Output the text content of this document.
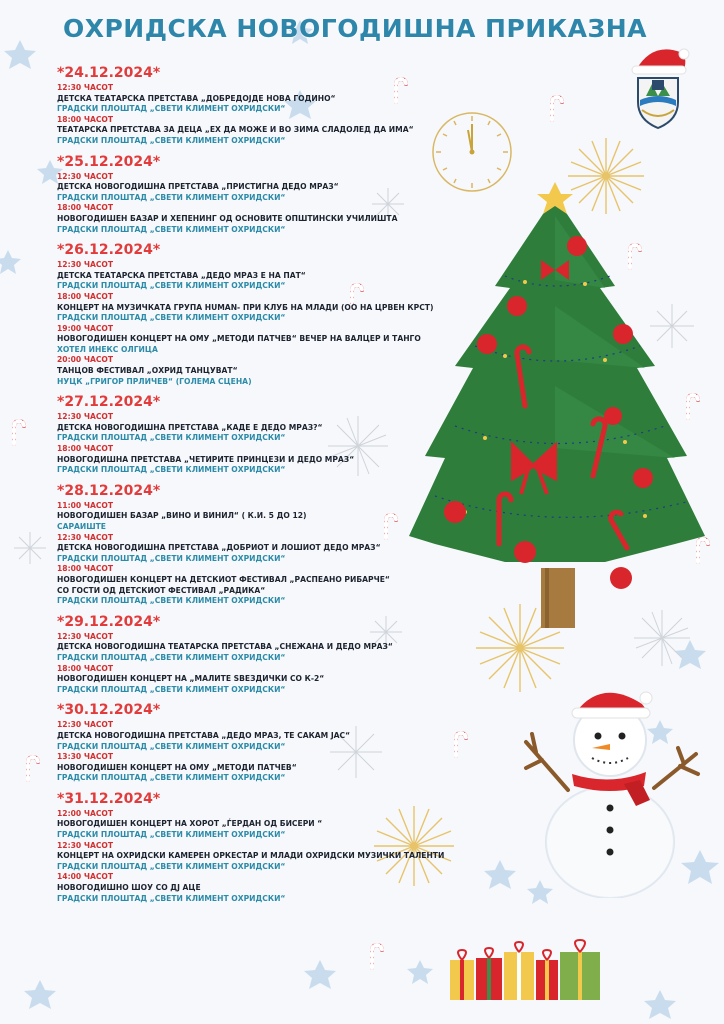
ОХРИДСКА НОВОГОДИШНА ПРИКАЗНА
*24.12.2024*
12:30 ЧАСОТ
ДЕТСКА ТЕАТАРСКА ПРЕТСТАВА „ДОБРЕДОЈДЕ НОВА ГОДИНО“
ГРАДСКИ ПЛОШТАД „СВЕТИ КЛИМЕНТ ОХРИДСКИ“
18:00 ЧАСОТ
ТЕАТАРСКА ПРЕТСТАВА ЗА ДЕЦА „ЕХ ДА МОЖЕ И ВО ЗИМА СЛАДОЛЕД ДА ИМА“
ГРАДСКИ ПЛОШТАД „СВЕТИ КЛИМЕНТ ОХРИДСКИ“
*25.12.2024*
12:30 ЧАСОТ
ДЕТСКА НОВОГОДИШНА ПРЕТСТАВА „ПРИСТИГНА ДЕДО МРАЗ“
ГРАДСКИ ПЛОШТАД „СВЕТИ КЛИМЕНТ ОХРИДСКИ“
18:00 ЧАСОТ
НОВОГОДИШЕН БАЗАР И ХЕПЕНИНГ ОД ОСНОВИТЕ ОПШТИНСКИ УЧИЛИШТА
ГРАДСКИ ПЛОШТАД „СВЕТИ КЛИМЕНТ ОХРИДСКИ“
*26.12.2024*
12:30 ЧАСОТ
ДЕТСКА ТЕАТАРСКА ПРЕТСТАВА „ДЕДО МРАЗ Е НА ПАТ“
ГРАДСКИ ПЛОШТАД „СВЕТИ КЛИМЕНТ ОХРИДСКИ“
18:00 ЧАСОТ
КОНЦЕРТ НА МУЗИЧКАТА ГРУПА HUMAN- ПРИ КЛУБ НА МЛАДИ (ОО НА ЦРВЕН КРСТ)
ГРАДСКИ ПЛОШТАД „СВЕТИ КЛИМЕНТ ОХРИДСКИ“
19:00 ЧАСОТ
НОВОГОДИШЕН КОНЦЕРТ НА ОМУ „МЕТОДИ ПАТЧЕВ“ ВЕЧЕР НА ВАЛЦЕР И ТАНГО
ХОТЕЛ ИНЕКС ОЛГИЦА
20:00 ЧАСОТ
ТАНЦОВ ФЕСТИВАЛ „ОХРИД ТАНЦУВАТ“
НУЦК „ГРИГОР ПРЛИЧЕВ“ (ГОЛЕМА СЦЕНА)
*27.12.2024*
12:30 ЧАСОТ
ДЕТСКА НОВОГОДИШНА ПРЕТСТАВА „КАДЕ Е ДЕДО МРАЗ?“
ГРАДСКИ ПЛОШТАД „СВЕТИ КЛИМЕНТ ОХРИДСКИ“
18:00 ЧАСОТ
НОВОГОДИШНА ПРЕТСТАВА „ЧЕТИРИТЕ ПРИНЦЕЗИ И ДЕДО МРАЗ“
ГРАДСКИ ПЛОШТАД „СВЕТИ КЛИМЕНТ ОХРИДСКИ“
*28.12.2024*
11:00 ЧАСОТ
НОВОГОДИШЕН БАЗАР „ВИНО И ВИНИЛ“ ( К.И. 5 ДО 12)
САРАИШТЕ
12:30 ЧАСОТ
ДЕТСКА НОВОГОДИШНА ПРЕТСТАВА „ДОБРИОТ И ЛОШИОТ ДЕДО МРАЗ“
ГРАДСКИ ПЛОШТАД „СВЕТИ КЛИМЕНТ ОХРИДСКИ“
18:00 ЧАСОТ
НОВОГОДИШЕН КОНЦЕРТ НА ДЕТСКИОТ ФЕСТИВАЛ „РАСПЕАНО РИБАРЧЕ“
СО ГОСТИ ОД ДЕТСКИОТ ФЕСТИВАЛ „РАДИКА“
ГРАДСКИ ПЛОШТАД „СВЕТИ КЛИМЕНТ ОХРИДСКИ“
*29.12.2024*
12:30 ЧАСОТ
ДЕТСКА НОВОГОДИШНА ТЕАТАРСКА ПРЕТСТАВА „СНЕЖАНА И ДЕДО МРАЗ“
ГРАДСКИ ПЛОШТАД „СВЕТИ КЛИМЕНТ ОХРИДСКИ“
18:00 ЧАСОТ
НОВОГОДИШЕН КОНЦЕРТ НА „МАЛИТЕ ЅВЕЗДИЧКИ СО К-2“
ГРАДСКИ ПЛОШТАД „СВЕТИ КЛИМЕНТ ОХРИДСКИ“
*30.12.2024*
12:30 ЧАСОТ
ДЕТСКА НОВОГОДИШНА ПРЕТСТАВА „ДЕДО МРАЗ, ТЕ САКАМ ЈАС“
ГРАДСКИ ПЛОШТАД „СВЕТИ КЛИМЕНТ ОХРИДСКИ“
13:30 ЧАСОТ
НОВОГОДИШЕН КОНЦЕРТ НА ОМУ „МЕТОДИ ПАТЧЕВ“
ГРАДСКИ ПЛОШТАД „СВЕТИ КЛИМЕНТ ОХРИДСКИ“
*31.12.2024*
12:00 ЧАСОТ
НОВОГОДИШЕН КОНЦЕРТ НА ХОРОТ „ЃЕРДАН ОД БИСЕРИ “
ГРАДСКИ ПЛОШТАД „СВЕТИ КЛИМЕНТ ОХРИДСКИ“
12:30 ЧАСОТ
КОНЦЕРТ НА ОХРИДСКИ КАМЕРЕН ОРКЕСТАР И МЛАДИ ОХРИДСКИ МУЗИЧКИ ТАЛЕНТИ
ГРАДСКИ ПЛОШТАД „СВЕТИ КЛИМЕНТ ОХРИДСКИ“
14:00 ЧАСОТ
НОВОГОДИШНО ШОУ СО ДЈ АЦЕ
ГРАДСКИ ПЛОШТАД „СВЕТИ КЛИМЕНТ ОХРИДСКИ“
